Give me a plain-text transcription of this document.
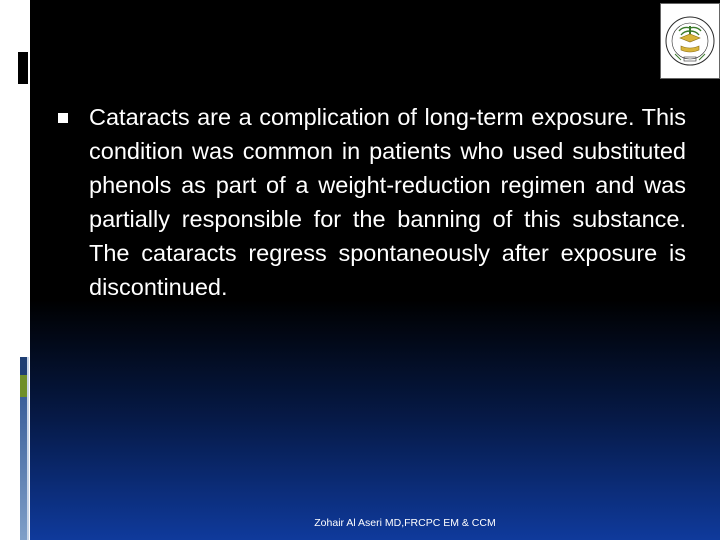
Cataracts are a complication of long-term exposure. This condition was common in patients who used substituted phenols as part of a weight-reduction regimen and was partially responsible for the banning of this substance. The cataracts regress spontaneously after exposure is discontinued.
Zohair Al Aseri MD,FRCPC EM & CCM
